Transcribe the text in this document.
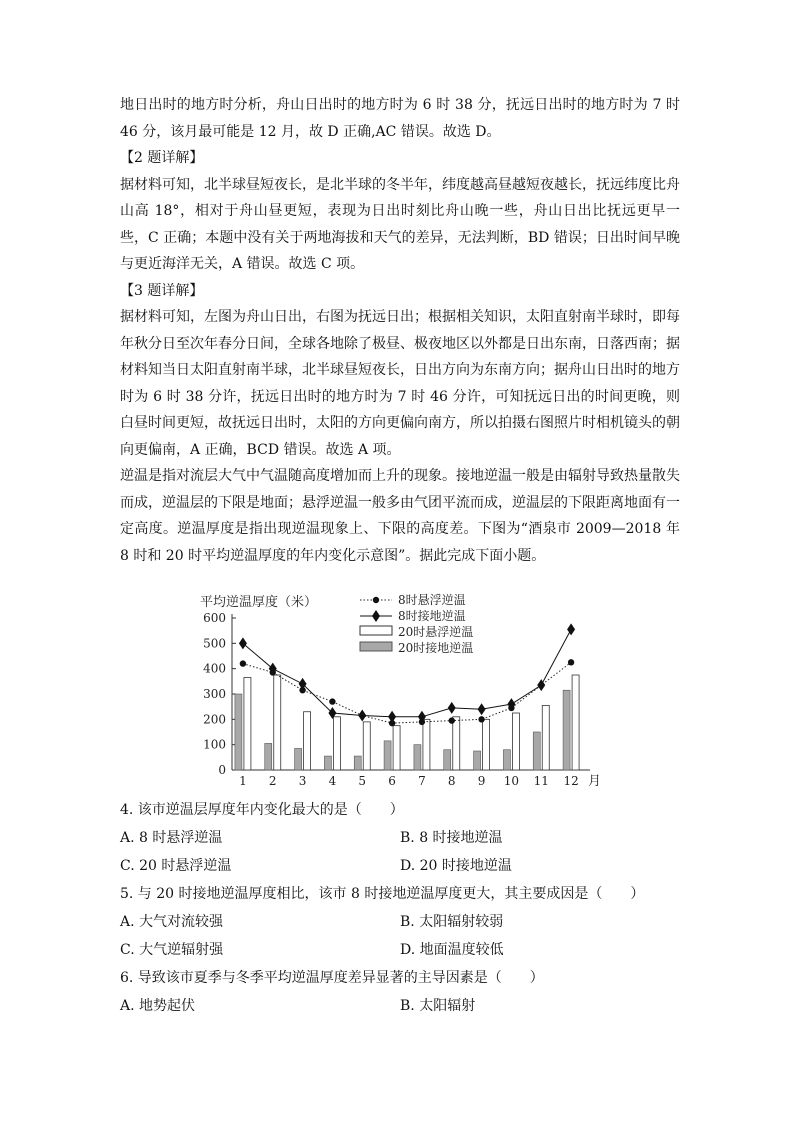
地日出时的地方时分析，舟山日出时的地方时为 6 时 38 分，抚远日出时的地方时为 7 时 46 分，该月最可能是 12 月，故 D 正确,AC 错误。故选 D。

【2 题详解】

据材料可知，北半球昼短夜长，是北半球的冬半年，纬度越高昼越短夜越长，抚远纬度比舟山高 18°，相对于舟山昼更短，表现为日出时刻比舟山晚一些，舟山日出比抚远更早一些，C 正确；本题中没有关于两地海拔和天气的差异，无法判断，BD 错误；日出时间早晚与更近海洋无关，A 错误。故选 C 项。

【3 题详解】

据材料可知，左图为舟山日出，右图为抚远日出；根据相关知识，太阳直射南半球时，即每年秋分日至次年春分日间，全球各地除了极昼、极夜地区以外都是日出东南，日落西南；据材料知当日太阳直射南半球，北半球昼短夜长，日出方向为东南方向；据舟山日出时的地方时为 6 时 38 分许，抚远日出时的地方时为 7 时 46 分许，可知抚远日出的时间更晚，则白昼时间更短，故抚远日出时，太阳的方向更偏向南方，所以拍摄右图照片时相机镜头的朝向更偏南，A 正确，BCD 错误。故选 A 项。

逆温是指对流层大气中气温随高度增加而上升的现象。接地逆温一般是由辐射导致热量散失而成，逆温层的下限是地面；悬浮逆温一般多由气团平流而成，逆温层的下限距离地面有一定高度。逆温厚度是指出现逆温现象上、下限的高度差。下图为“酒泉市 2009—2018 年 8 时和 20 时平均逆温厚度的年内变化示意图”。据此完成下面小题。

0
100
200
300
400
500
600
平均逆温厚度（米）
1 2 3 4 5 6 7 8 9 10 11 12 月
8时悬浮逆温
8时接地逆温
20时悬浮逆温
20时接地逆温

4. 该市逆温层厚度年内变化最大的是（　　）

A. 8 时悬浮逆温	B. 8 时接地逆温
C. 20 时悬浮逆温	D. 20 时接地逆温

5. 与 20 时接地逆温厚度相比，该市 8 时接地逆温厚度更大，其主要成因是（　　）

A. 大气对流较强	B. 太阳辐射较弱
C. 大气逆辐射强	D. 地面温度较低

6. 导致该市夏季与冬季平均逆温厚度差异显著的主导因素是（　　）

A. 地势起伏	B. 太阳辐射
